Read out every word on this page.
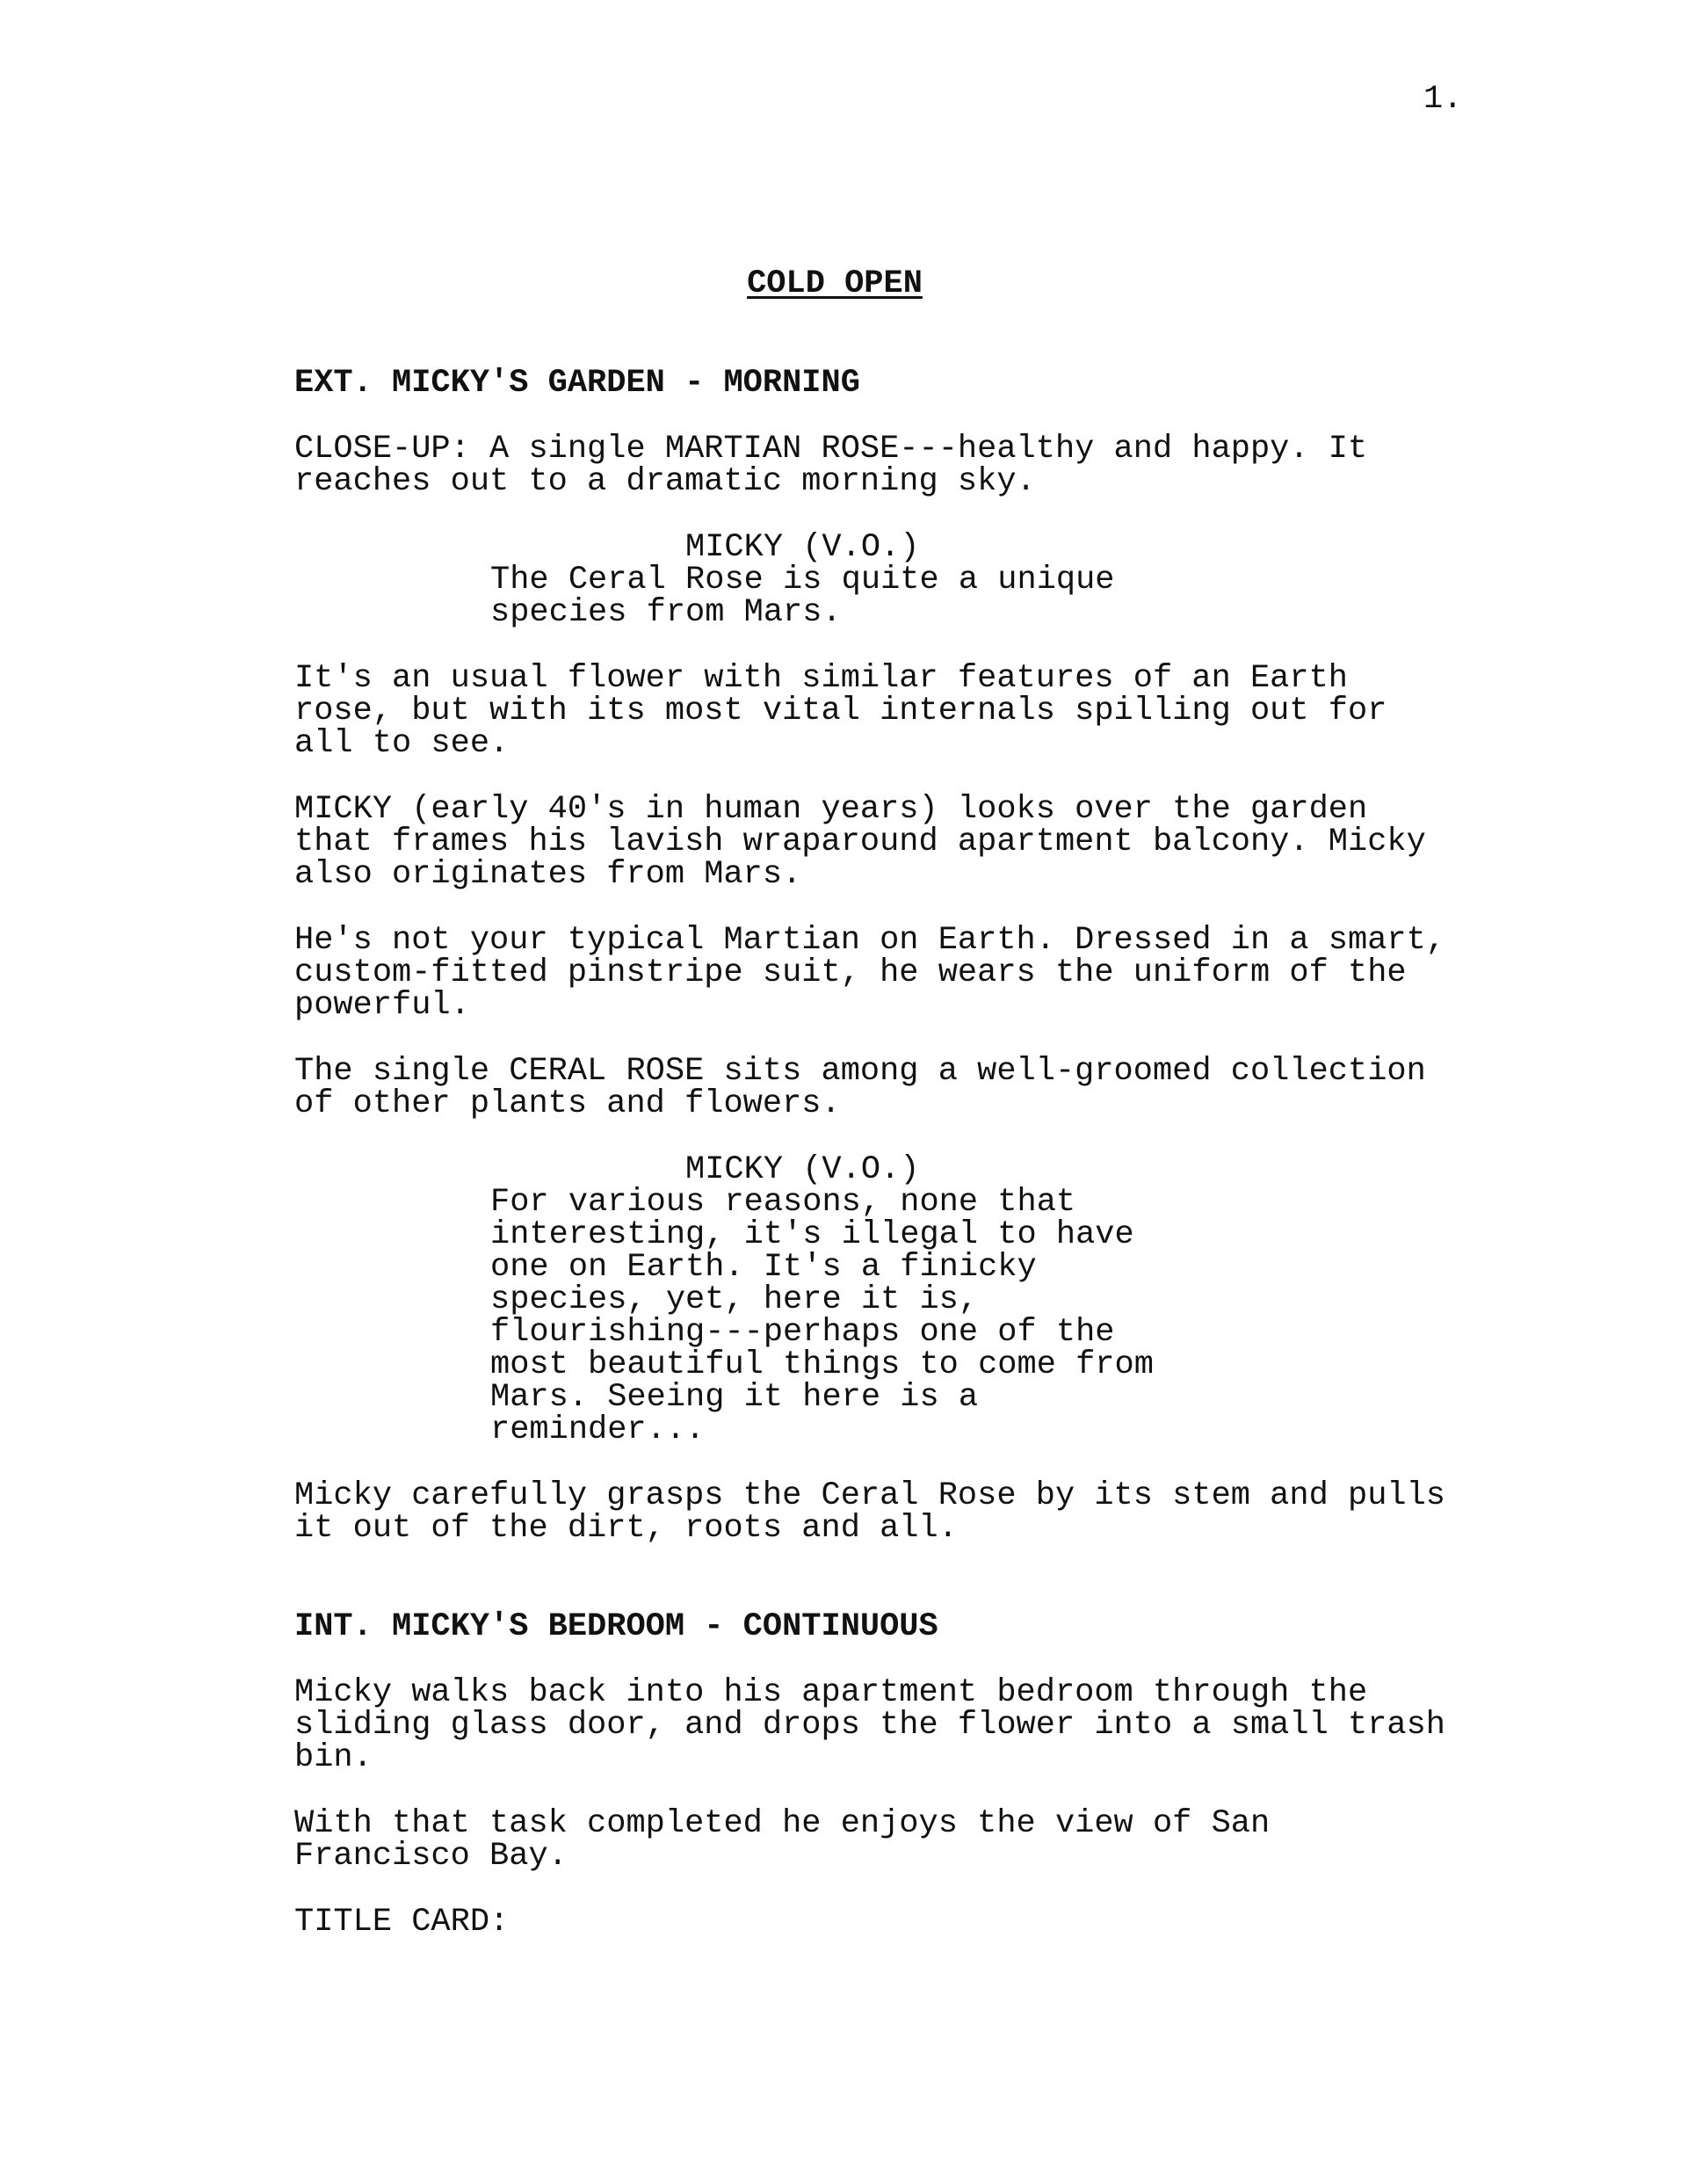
1.
COLD OPEN
EXT. MICKY'S GARDEN - MORNING
CLOSE-UP: A single MARTIAN ROSE---healthy and happy. It
reaches out to a dramatic morning sky.
MICKY (V.O.)
The Ceral Rose is quite a unique
species from Mars.
It's an usual flower with similar features of an Earth
rose, but with its most vital internals spilling out for
all to see.
MICKY (early 40's in human years) looks over the garden
that frames his lavish wraparound apartment balcony. Micky
also originates from Mars.
He's not your typical Martian on Earth. Dressed in a smart,
custom-fitted pinstripe suit, he wears the uniform of the
powerful.
The single CERAL ROSE sits among a well-groomed collection
of other plants and flowers.
MICKY (V.O.)
For various reasons, none that
interesting, it's illegal to have
one on Earth. It's a finicky
species, yet, here it is,
flourishing---perhaps one of the
most beautiful things to come from
Mars. Seeing it here is a
reminder...
Micky carefully grasps the Ceral Rose by its stem and pulls
it out of the dirt, roots and all.
INT. MICKY'S BEDROOM - CONTINUOUS
Micky walks back into his apartment bedroom through the
sliding glass door, and drops the flower into a small trash
bin.
With that task completed he enjoys the view of San
Francisco Bay.
TITLE CARD:
